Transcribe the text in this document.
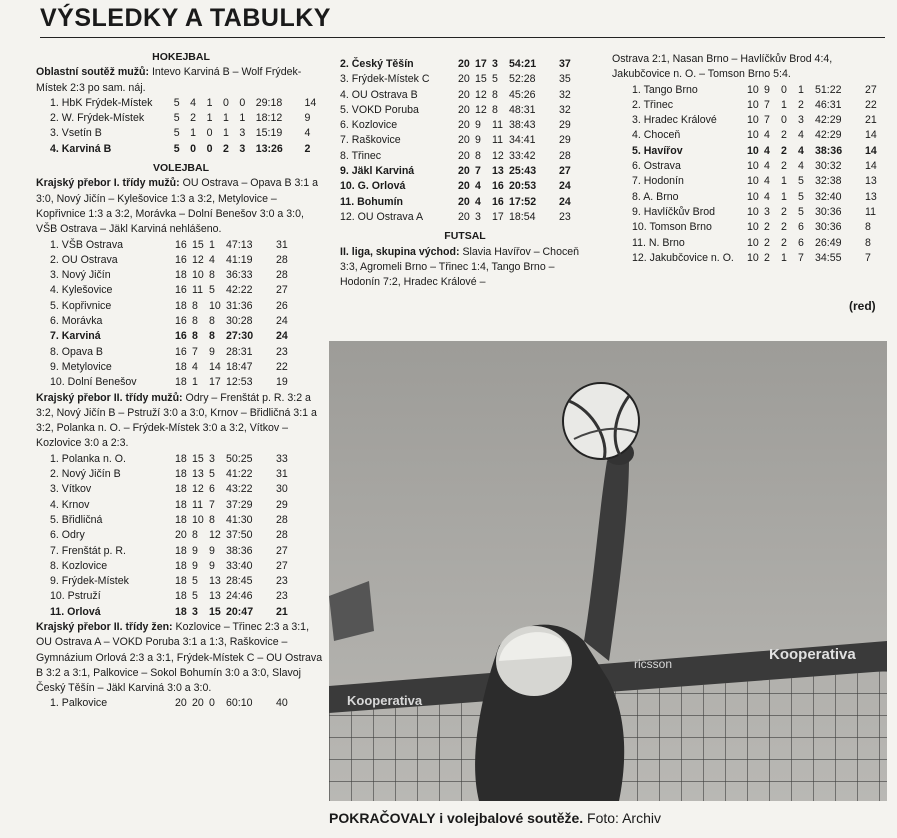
VÝSLEDKY A TABULKY
HOKEJBAL

Oblastní soutěž mužů: Intevo Karviná B – Wolf Frýdek-Místek 2:3 po sam. náj.

1. HbK Frýdek-Místek	5	4	1	0	0	29:18	14
2. W. Frýdek-Místek	5	2	1	1	1	18:12	9
3. Vsetín B	5	1	0	1	3	15:19	4
4. Karviná B	5	0	0	2	3	13:26	2
VOLEJBAL

Krajský přebor I. třídy mužů: OU Ostrava – Opava B 3:1 a 3:0, Nový Jičín – Kylešovice 1:3 a 3:2, Metylovice – Kopřivnice 1:3 a 3:2, Morávka – Dolní Benešov 3:0 a 3:0, VŠB Ostrava – Jäkl Karviná nehlášeno.

1. VŠB Ostrava	16	15	1	47:13	31
2. OU Ostrava	16	12	4	41:19	28
3. Nový Jičín	18	10	8	36:33	28
4. Kylešovice	16	11	5	42:22	27
5. Kopřivnice	18	8	10	31:36	26
6. Morávka	16	8	8	30:28	24
7. Karviná	16	8	8	27:30	24
8. Opava B	16	7	9	28:31	23
9. Metylovice	18	4	14	18:47	22
10. Dolní Benešov	18	1	17	12:53	19

Krajský přebor II. třídy mužů: Odry – Frenštát p. R. 3:2 a 3:2, Nový Jičín B – Pstruží 3:0 a 3:0, Krnov – Břidličná 3:1 a 3:2, Polanka n. O. – Frýdek-Místek 3:0 a 3:2, Vítkov – Kozlovice 3:0 a 2:3.

1. Polanka n. O.	18	15	3	50:25	33
2. Nový Jičín B	18	13	5	41:22	31
3. Vítkov	18	12	6	43:22	30
4. Krnov	18	11	7	37:29	29
5. Břidličná	18	10	8	41:30	28
6. Odry	20	8	12	37:50	28
7. Frenštát p. R.	18	9	9	38:36	27
8. Kozlovice	18	9	9	33:40	27
9. Frýdek-Místek	18	5	13	28:45	23
10. Pstruží	18	5	13	24:46	23
11. Orlová	18	3	15	20:47	21

Krajský přebor II. třídy žen: Kozlovice – Třinec 2:3 a 3:1, OU Ostrava A – VOKD Poruba 3:1 a 1:3, Raškovice – Gymnázium Orlová 2:3 a 3:1, Frýdek-Místek C – OU Ostrava B 3:2 a 3:1, Palkovice – Sokol Bohumín 3:0 a 3:0, Slavoj Český Těšín – Jäkl Karviná 3:0 a 3:0.

1. Palkovice	20	20	0	60:10	40
2. Český Těšín	20	17	3	54:21	37
3. Frýdek-Místek C	20	15	5	52:28	35
4. OU Ostrava B	20	12	8	45:26	32
5. VOKD Poruba	20	12	8	48:31	32
6. Kozlovice	20	9	11	38:43	29
7. Raškovice	20	9	11	34:41	29
8. Třinec	20	8	12	33:42	28
9. Jäkl Karviná	20	7	13	25:43	27
10. G. Orlová	20	4	16	20:53	24
11. Bohumín	20	4	16	17:52	24
12. OU Ostrava A	20	3	17	18:54	23
FUTSAL

II. liga, skupina východ: Slavia Havířov – Choceň 3:3, Agromeli Brno – Třinec 1:4, Tango Brno – Hodonín 7:2, Hradec Králové –

Ostrava 2:1, Nasan Brno – Havlíčkův Brod 4:4, Jakubčovice n. O. – Tomson Brno 5:4.

1. Tango Brno	10	9	0	1	51:22	27
2. Třinec	10	7	1	2	46:31	22
3. Hradec Králové	10	7	0	3	42:29	21
4. Choceň	10	4	2	4	42:29	14
5. Havířov	10	4	2	4	38:36	14
6. Ostrava	10	4	2	4	30:32	14
7. Hodonín	10	4	1	5	32:38	13
8. A. Brno	10	4	1	5	32:40	13
9. Havlíčkův Brod	10	3	2	5	30:36	11
10. Tomson Brno	10	2	2	6	30:36	8
11. N. Brno	10	2	2	6	26:49	8
12. Jakubčovice n. O.	10	2	1	7	34:55	7
(red)
Kooperativa
ricsson
Kooperativa
POKRAČOVALY i volejbalové soutěže. Foto: Archiv
